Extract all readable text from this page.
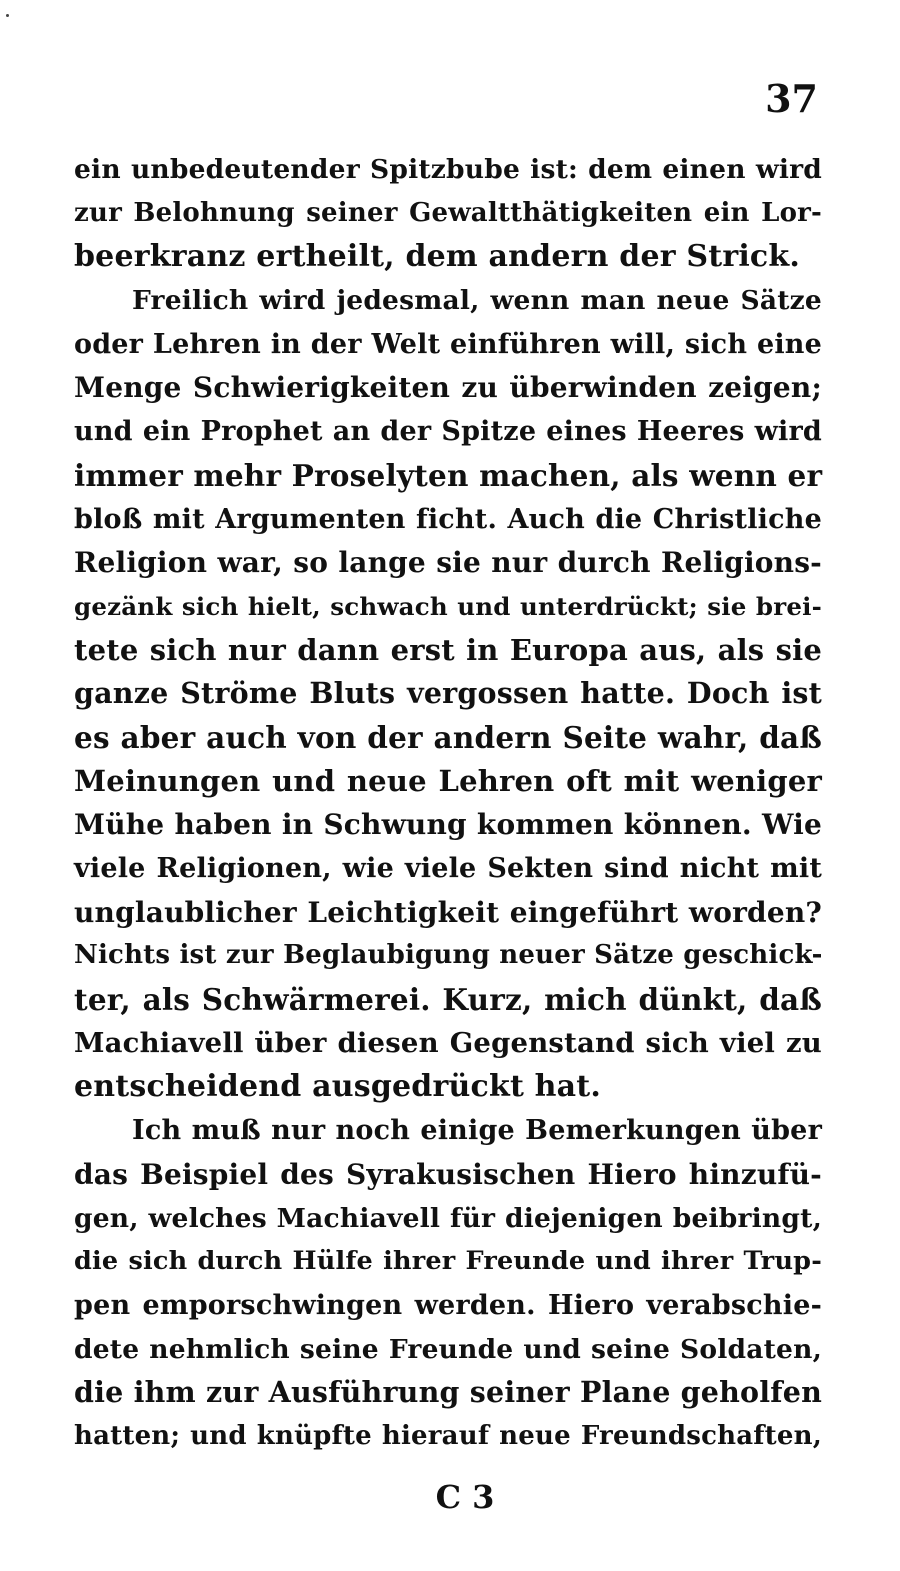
37
ein unbedeutender Spitzbube ist: dem einen wird
zur Belohnung seiner Gewaltthätigkeiten ein Lor-
beerkranz ertheilt, dem andern der Strick.
Freilich wird jedesmal, wenn man neue Sätze
oder Lehren in der Welt einführen will, sich eine
Menge Schwierigkeiten zu überwinden zeigen;
und ein Prophet an der Spitze eines Heeres wird
immer mehr Proselyten machen, als wenn er
bloß mit Argumenten ficht. Auch die Christliche
Religion war, so lange sie nur durch Religions-
gezänk sich hielt, schwach und unterdrückt; sie brei-
tete sich nur dann erst in Europa aus, als sie
ganze Ströme Bluts vergossen hatte. Doch ist
es aber auch von der andern Seite wahr, daß
Meinungen und neue Lehren oft mit weniger
Mühe haben in Schwung kommen können. Wie
viele Religionen, wie viele Sekten sind nicht mit
unglaublicher Leichtigkeit eingeführt worden?
Nichts ist zur Beglaubigung neuer Sätze geschick-
ter, als Schwärmerei. Kurz, mich dünkt, daß
Machiavell über diesen Gegenstand sich viel zu
entscheidend ausgedrückt hat.
Ich muß nur noch einige Bemerkungen über
das Beispiel des Syrakusischen Hiero hinzufü-
gen, welches Machiavell für diejenigen beibringt,
die sich durch Hülfe ihrer Freunde und ihrer Trup-
pen emporschwingen werden. Hiero verabschie-
dete nehmlich seine Freunde und seine Soldaten,
die ihm zur Ausführung seiner Plane geholfen
hatten; und knüpfte hierauf neue Freundschaften,
C 3
